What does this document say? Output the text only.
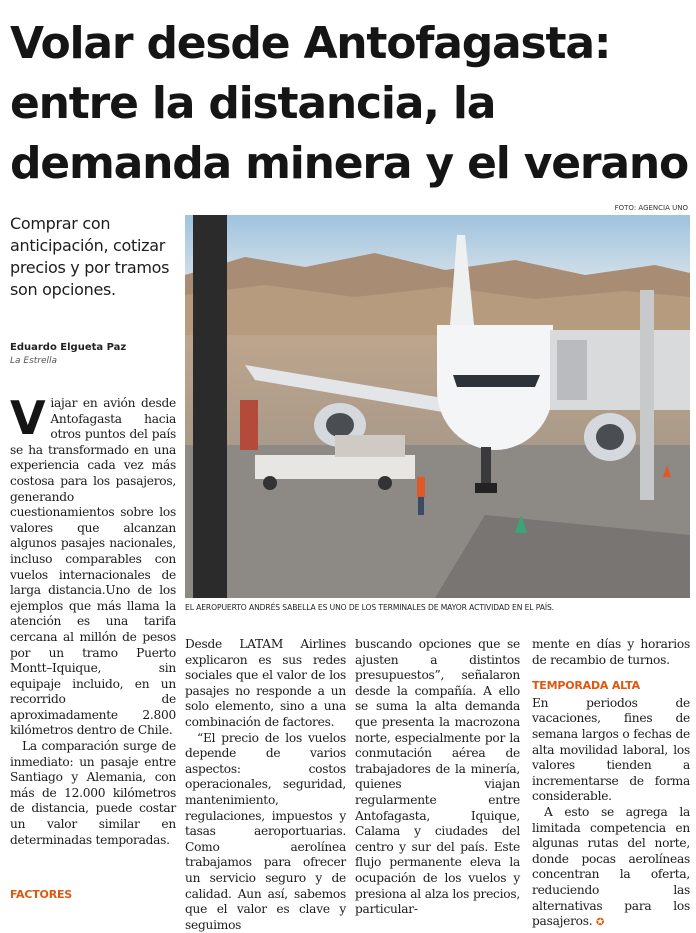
Volar desde Antofagasta: entre la distancia, la demanda minera y el verano
FOTO: AGENCIA UNO

Comprar con anticipación, cotizar precios y por tramos son opciones.

Eduardo Elgueta Paz
La Estrella
EL AEROPUERTO ANDRÉS SABELLA ES UNO DE LOS TERMINALES DE MAYOR ACTIVIDAD EN EL PAÍS.
V iajar en avión desde Antofagasta hacia otros puntos del país se ha transformado en una experiencia cada vez más costosa para los pasajeros, generando cuestionamientos sobre los valores que alcanzan algunos pasajes nacionales, incluso comparables con vuelos internacionales de larga distancia.Uno de los ejemplos que más llama la atención es una tarifa cercana al millón de pesos por un tramo Puerto Montt–Iquique, sin equipaje incluido, en un recorrido de aproximadamente 2.800 kilómetros dentro de Chile.

La comparación surge de inmediato: un pasaje entre Santiago y Alemania, con más de 12.000 kilómetros de distancia, puede costar un valor similar en determinadas temporadas.

FACTORES

Desde LATAM Airlines explicaron es sus redes sociales que el valor de los pasajes no responde a un solo elemento, sino a una combinación de factores.

“El precio de los vuelos depende de varios aspectos: costos operacionales, seguridad, mantenimiento, regulaciones, impuestos y tasas aeroportuarias. Como aerolínea trabajamos para ofrecer un servicio seguro y de calidad. Aun así, sabemos que el valor es clave y seguimos

buscando opciones que se ajusten a distintos presupuestos”, señalaron desde la compañía. A ello se suma la alta demanda que presenta la macrozona norte, especialmente por la conmutación aérea de trabajadores de la minería, quienes viajan regularmente entre Antofagasta, Iquique, Calama y ciudades del centro y sur del país. Este flujo permanente eleva la ocupación de los vuelos y presiona al alza los precios, particular-

mente en días y horarios de recambio de turnos.

TEMPORADA ALTA

En periodos de vacaciones, fines de semana largos o fechas de alta movilidad laboral, los valores tienden a incrementarse de forma considerable.

A esto se agrega la limitada competencia en algunas rutas del norte, donde pocas aerolíneas concentran la oferta, reduciendo las alternativas para los pasajeros. ✪
